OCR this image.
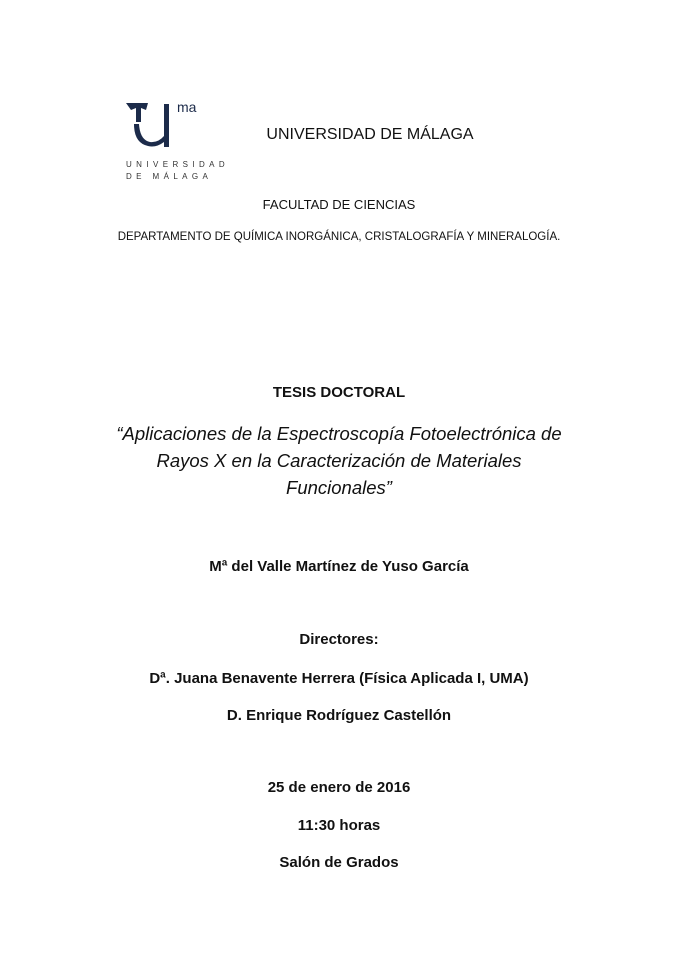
ma
UNIVERSIDAD
DE MÁLAGA
UNIVERSIDAD DE MÁLAGA
FACULTAD DE CIENCIAS
DEPARTAMENTO DE QUÍMICA INORGÁNICA, CRISTALOGRAFÍA Y MINERALOGÍA.
TESIS DOCTORAL
“Aplicaciones de la Espectroscopía Fotoelectrónica de
Rayos X en la Caracterización de Materiales
Funcionales”
Mª del Valle Martínez de Yuso García
Directores:
Dª. Juana Benavente Herrera (Física Aplicada I, UMA)
D. Enrique Rodríguez Castellón
25 de enero de 2016
11:30 horas
Salón de Grados
